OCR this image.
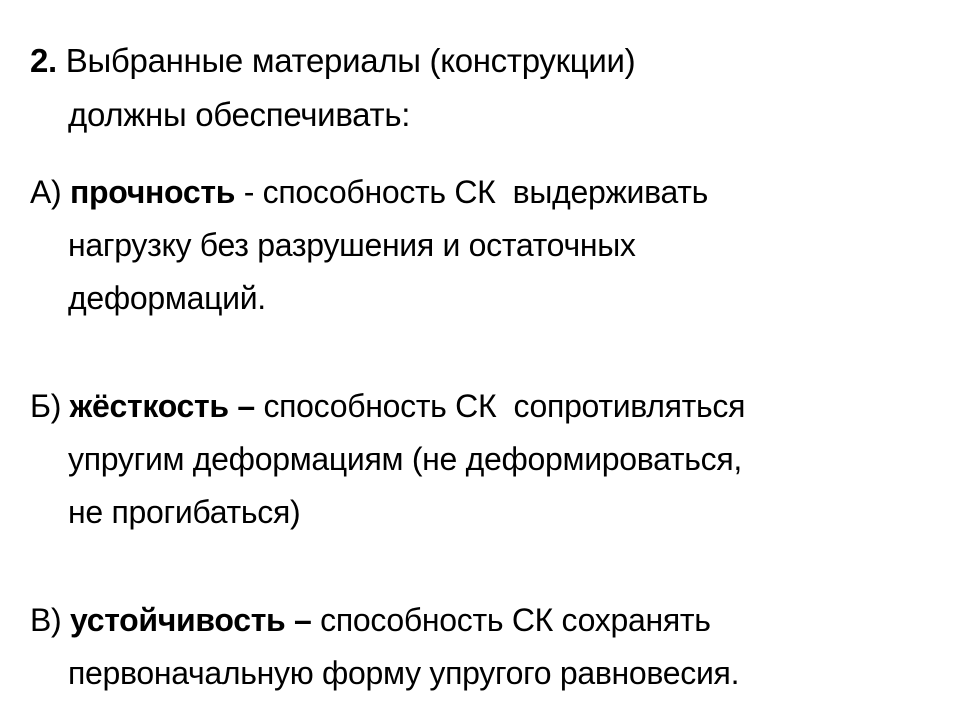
2. Выбранные материалы (конструкции)
должны обеспечивать:
А) прочность - способность СК  выдерживать
нагрузку без разрушения и остаточных
деформаций.
Б) жёсткость – способность СК  сопротивляться
упругим деформациям (не деформироваться,
не прогибаться)
В) устойчивость – способность СК сохранять
первоначальную форму упругого равновесия.
